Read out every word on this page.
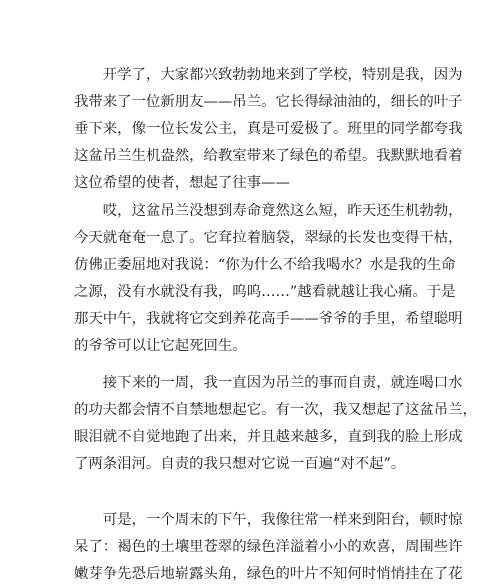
　　开学了，大家都兴致勃勃地来到了学校，特别是我，因为
我带来了一位新朋友——吊兰。它长得绿油油的，细长的叶子
垂下来，像一位长发公主，真是可爱极了。班里的同学都夸我
这盆吊兰生机盎然，给教室带来了绿色的希望。我默默地看着
这位希望的使者，想起了往事——

　　哎，这盆吊兰没想到寿命竟然这么短，昨天还生机勃勃，
今天就奄奄一息了。它耷拉着脑袋，翠绿的长发也变得干枯，
仿佛正委屈地对我说：“你为什么不给我喝水？水是我的生命
之源，没有水就没有我，呜呜……”越看就越让我心痛。于是
那天中午，我就将它交到养花高手——爷爷的手里，希望聪明
的爷爷可以让它起死回生。

　　接下来的一周，我一直因为吊兰的事而自责，就连喝口水
的功夫都会情不自禁地想起它。有一次，我又想起了这盆吊兰，
眼泪就不自觉地跑了出来，并且越来越多，直到我的脸上形成
了两条泪河。自责的我只想对它说一百遍“对不起”。

　　可是，一个周末的下午，我像往常一样来到阳台，顿时惊
呆了：褐色的土壤里苍翠的绿色洋溢着小小的欢喜，周围些许
嫩芽争先恐后地崭露头角，绿色的叶片不知何时悄悄挂在了花
